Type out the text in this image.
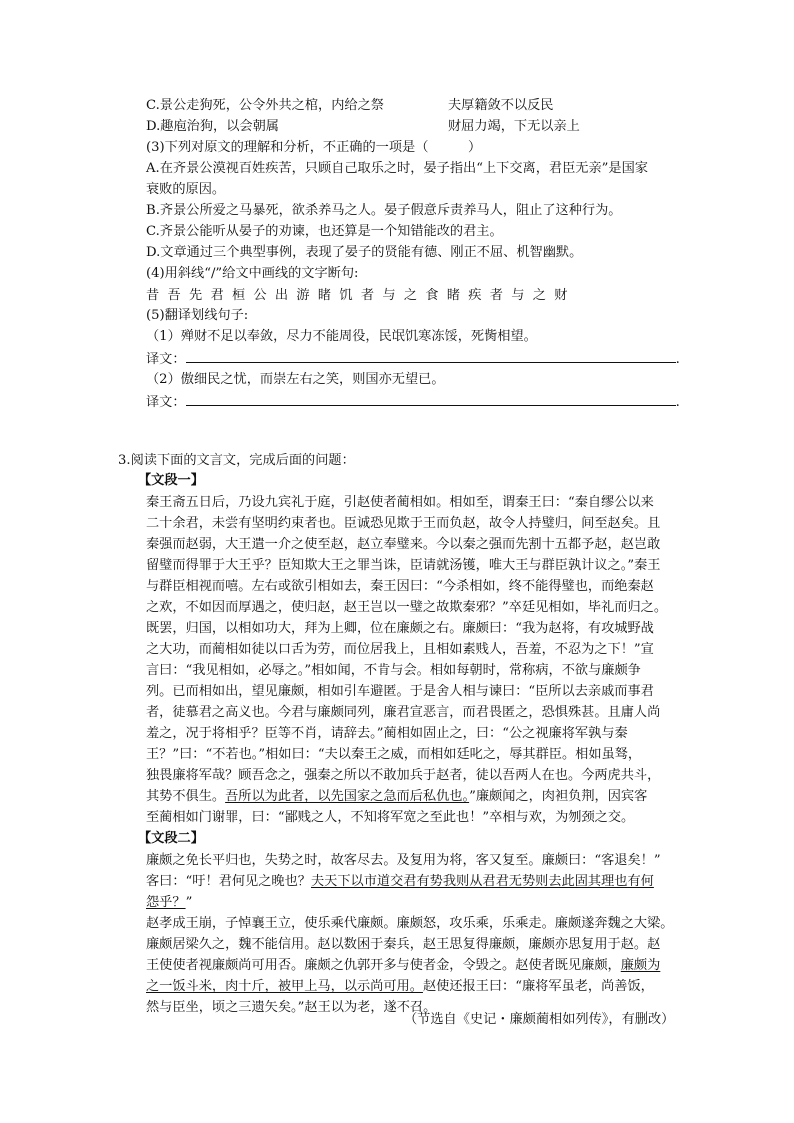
C.景公走狗死，公令外共之棺，内给之祭	夫厚籍敛不以反民
D.趣庖治狗，以会朝属	财屈力竭，下无以亲上
(3)下列对原文的理解和分析，不正确的一项是（　　　）
A.在齐景公漠视百姓疾苦，只顾自己取乐之时，晏子指出“上下交离，君臣无亲”是国家
衰败的原因。
B.齐景公所爱之马暴死，欲杀养马之人。晏子假意斥责养马人，阻止了这种行为。
C.齐景公能听从晏子的劝谏，也还算是一个知错能改的君主。
D.文章通过三个典型事例，表现了晏子的贤能有德、刚正不屈、机智幽默。
(4)用斜线“/”给文中画线的文字断句:
昔吾先君桓公出游睹饥者与之食睹疾者与之财
(5)翻译划线句子:
（1）殚财不足以奉敛，尽力不能周役，民氓饥寒冻馁，死胔相望。
译文：	.
（2）傲细民之忧，而崇左右之笑，则国亦无望已。
译文：	.
3.阅读下面的文言文，完成后面的问题：
【文段一】
秦王斋五日后，乃设九宾礼于庭，引赵使者蔺相如。相如至，谓秦王曰：“秦自缪公以来
二十余君，未尝有坚明约束者也。臣诚恐见欺于王而负赵，故令人持璧归，间至赵矣。且
秦强而赵弱，大王遣一介之使至赵，赵立奉璧来。今以秦之强而先割十五都予赵，赵岂敢
留璧而得罪于大王乎？臣知欺大王之罪当诛，臣请就汤镬，唯大王与群臣孰计议之。”秦王
与群臣相视而嘻。左右或欲引相如去，秦王因曰：“今杀相如，终不能得璧也，而绝秦赵
之欢，不如因而厚遇之，使归赵，赵王岂以一璧之故欺秦邪？”卒廷见相如，毕礼而归之。
既罢，归国，以相如功大，拜为上卿，位在廉颇之右。廉颇曰：“我为赵将，有攻城野战
之大功，而蔺相如徒以口舌为劳，而位居我上，且相如素贱人，吾羞，不忍为之下！”宣
言曰：“我见相如，必辱之。”相如闻，不肯与会。相如每朝时，常称病，不欲与廉颇争
列。已而相如出，望见廉颇，相如引车避匿。于是舍人相与谏曰：“臣所以去亲戚而事君
者，徒慕君之高义也。今君与廉颇同列，廉君宣恶言，而君畏匿之，恐惧殊甚。且庸人尚
羞之，况于将相乎？臣等不肖，请辞去。”蔺相如固止之，曰：“公之视廉将军孰与秦
王？”曰：“不若也。”相如曰：“夫以秦王之威，而相如廷叱之，辱其群臣。相如虽驽，
独畏廉将军哉？顾吾念之，强秦之所以不敢加兵于赵者，徒以吾两人在也。今两虎共斗，
其势不俱生。吾所以为此者，以先国家之急而后私仇也。”廉颇闻之，肉袒负荆，因宾客
至蔺相如门谢罪，曰：“鄙贱之人，不知将军宽之至此也！”卒相与欢，为刎颈之交。
【文段二】
廉颇之免长平归也，失势之时，故客尽去。及复用为将，客又复至。廉颇曰：“客退矣！”
客曰：“吁！君何见之晚也？夫天下以市道交君有势我则从君君无势则去此固其理也有何
怨乎？”
赵孝成王崩，子悼襄王立，使乐乘代廉颇。廉颇怒，攻乐乘，乐乘走。廉颇遂奔魏之大梁。
廉颇居梁久之，魏不能信用。赵以数困于秦兵，赵王思复得廉颇，廉颇亦思复用于赵。赵
王使使者视廉颇尚可用否。廉颇之仇郭开多与使者金，令毁之。赵使者既见廉颇，廉颇为
之一饭斗米，肉十斤，被甲上马，以示尚可用。赵使还报王曰：“廉将军虽老，尚善饭，
然与臣坐，顷之三遗矢矣。”赵王以为老，遂不召。
（节选自《史记・廉颇蔺相如列传》，有删改）
